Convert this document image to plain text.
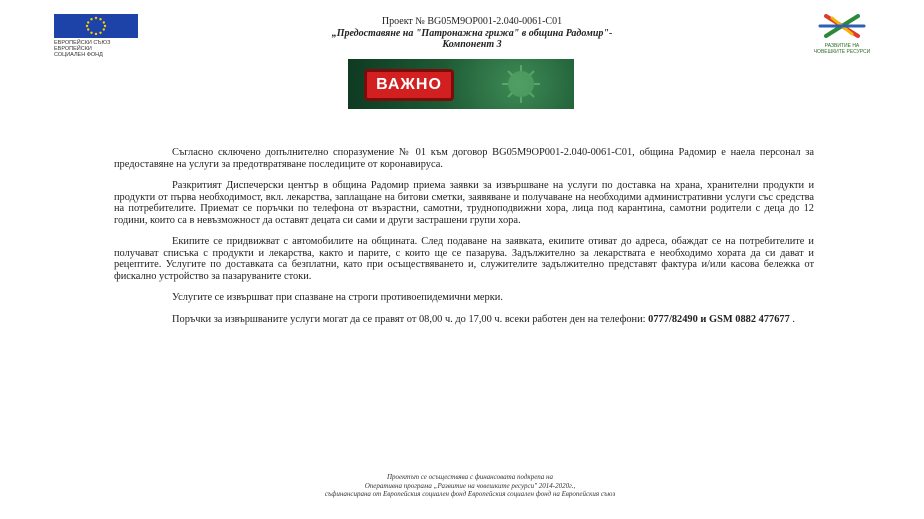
ЕВРОПЕЙСКИ СЪЮЗ
ЕВРОПЕЙСКИ
СОЦИАЛЕН ФОНД
Проект № BG05M9OP001-2.040-0061-C01
„Предоставяне на "Патронажна грижа" в община Радомир"-
Компонент 3	РАЗВИТИЕ НА
ЧОВЕШКИТЕ РЕСУРСИ
ВАЖНО

Съгласно сключено допълнително споразумение № 01 към договор BG05M9OP001-2.040-0061-C01, община Радомир е наела персонал за предоставяне на услуги за предотвратяване последиците от коронавируса.

Разкритият Диспечерски център в община Радомир приема заявки за извършване на услуги по доставка на храна, хранителни продукти и продукти от първа необходимост, вкл. лекарства, заплащане на битови сметки, заявяване и получаване на необходими административни услуги със средства на потребителите. Приемат се поръчки по телефона от възрастни, самотни, трудноподвижни хора, лица под карантина, самотни родители с деца до 12 години, които са в невъзможност да оставят децата си сами и други застрашени групи хора.

Екипите се придвижват с автомобилите на общината. След подаване на заявката, екипите отиват до адреса, обаждат се на потребителите и получават списъка с продукти и лекарства, както и парите, с които ще се пазарува. Задължително за лекарствата е необходимо хората да си дават и рецептите. Услугите по доставката са безплатни, като при осъществяването и, служителите задължително представят фактура и/или касова бележка от фискално устройство за пазаруваните стоки.

Услугите се извършват при спазване на строги противоепидемични мерки.

Поръчки за извършваните услуги могат да се правят от 08,00 ч. до 17,00 ч. всеки работен ден на телефони: 0777/82490 и GSM 0882 477677 .

Проектът се осъществява с финансовата подкрепа на
Оперативна програма „Развитие на човешките ресурси" 2014-2020г.,
съфинансирана от Европейския социален фонд Европейския социален фонд на Европейския съюз
